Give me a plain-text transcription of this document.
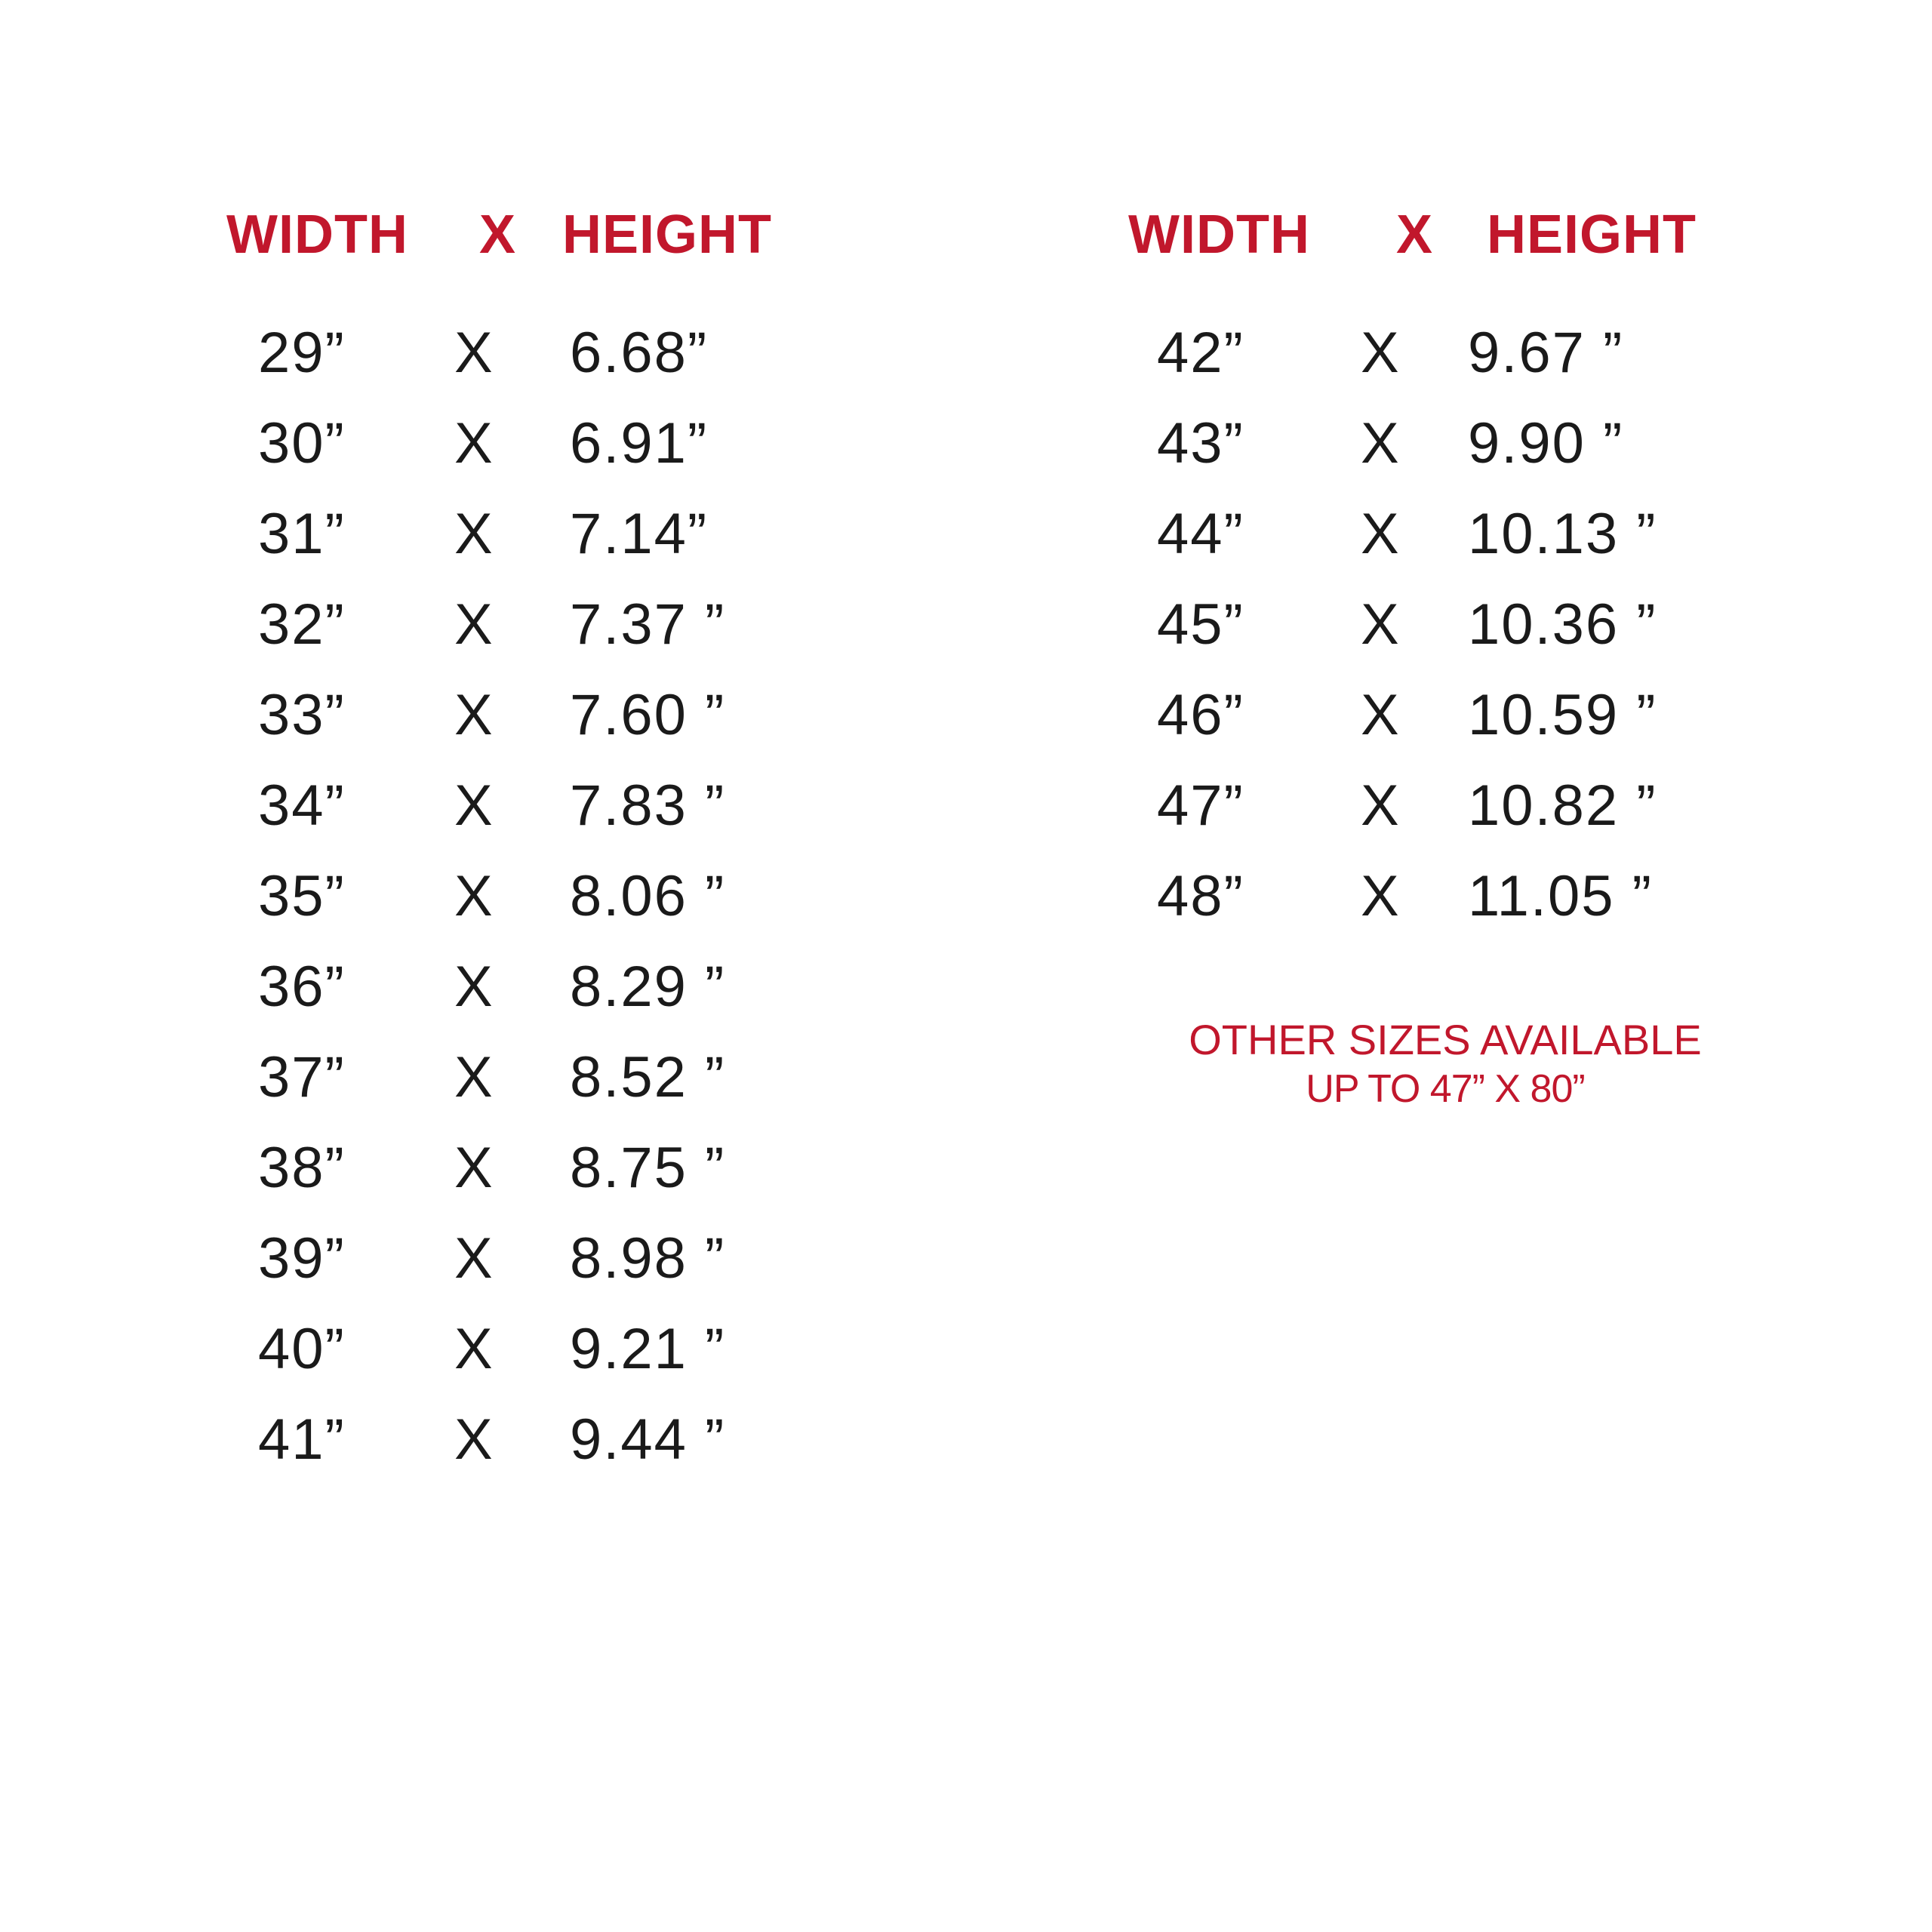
WIDTH	X HEIGHT
29”	X	6.68”
30”	X	6.91”
31”	X	7.14”
32”	X	7.37 ”
33”	X	7.60 ”
34”	X	7.83 ”
35”	X	8.06 ”
36”	X	8.29 ”
37”	X	8.52 ”
38”	X	8.75 ”
39”	X	8.98 ”
40”	X	9.21 ”
41”	X	9.44 ”
WIDTH	X HEIGHT
42”	X	9.67 ”
43”	X	9.90 ”
44”	X	10.13 ”
45”	X	10.36 ”
46”	X	10.59 ”
47”	X	10.82 ”
48”	X	11.05 ”
OTHER SIZES AVAILABLE
UP TO 47” X 80”
